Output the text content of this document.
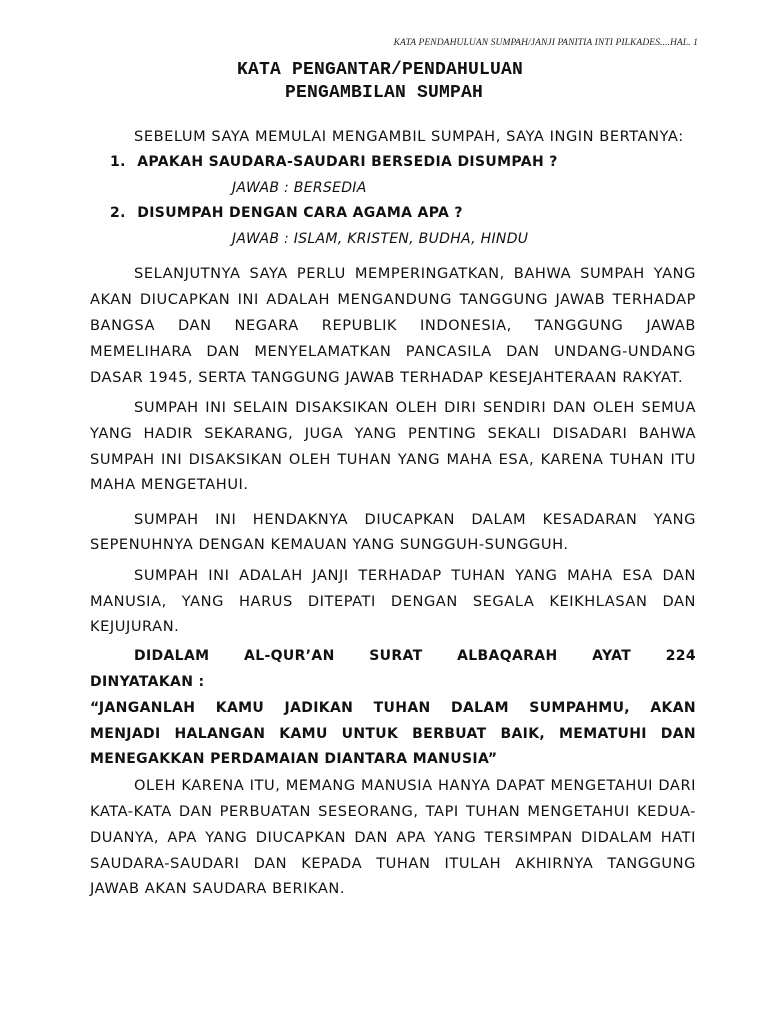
KATA PENDAHULUAN SUMPAH/JANJI PANITIA INTI PILKADES....HAL. 1
KATA PENGANTAR/PENDAHULUAN
PENGAMBILAN SUMPAH

SEBELUM SAYA MEMULAI MENGAMBIL SUMPAH, SAYA INGIN BERTANYA:

1. APAKAH SAUDARA-SAUDARI BERSEDIA DISUMPAH ?

JAWAB : BERSEDIA

2. DISUMPAH DENGAN CARA AGAMA APA ?

JAWAB : ISLAM, KRISTEN, BUDHA, HINDU

SELANJUTNYA SAYA PERLU MEMPERINGATKAN, BAHWA SUMPAH YANG AKAN DIUCAPKAN INI ADALAH MENGANDUNG TANGGUNG JAWAB TERHADAP BANGSA DAN NEGARA REPUBLIK INDONESIA, TANGGUNG JAWAB MEMELIHARA DAN MENYELAMATKAN PANCASILA DAN UNDANG-UNDANG DASAR 1945, SERTA TANGGUNG JAWAB TERHADAP KESEJAHTERAAN RAKYAT.

SUMPAH INI SELAIN DISAKSIKAN OLEH DIRI SENDIRI DAN OLEH SEMUA YANG HADIR SEKARANG, JUGA YANG PENTING SEKALI DISADARI BAHWA SUMPAH INI DISAKSIKAN OLEH TUHAN YANG MAHA ESA, KARENA TUHAN ITU MAHA MENGETAHUI.

SUMPAH INI HENDAKNYA DIUCAPKAN DALAM KESADARAN YANG SEPENUHNYA DENGAN KEMAUAN YANG SUNGGUH-SUNGGUH.

SUMPAH INI ADALAH JANJI TERHADAP TUHAN YANG MAHA ESA DAN MANUSIA, YANG HARUS DITEPATI DENGAN SEGALA KEIKHLASAN DAN KEJUJURAN.

DIDALAM AL-QUR’AN SURAT ALBAQARAH AYAT 224

DINYATAKAN :

“JANGANLAH KAMU JADIKAN TUHAN DALAM SUMPAHMU, AKAN

MENJADI HALANGAN KAMU UNTUK BERBUAT BAIK, MEMATUHI DAN

MENEGAKKAN PERDAMAIAN DIANTARA MANUSIA”

OLEH KARENA ITU, MEMANG MANUSIA HANYA DAPAT MENGETAHUI DARI KATA-KATA DAN PERBUATAN SESEORANG, TAPI TUHAN MENGETAHUI KEDUA-DUANYA, APA YANG DIUCAPKAN DAN APA YANG TERSIMPAN DIDALAM HATI SAUDARA-SAUDARI DAN KEPADA TUHAN ITULAH AKHIRNYA TANGGUNG JAWAB AKAN SAUDARA BERIKAN.
